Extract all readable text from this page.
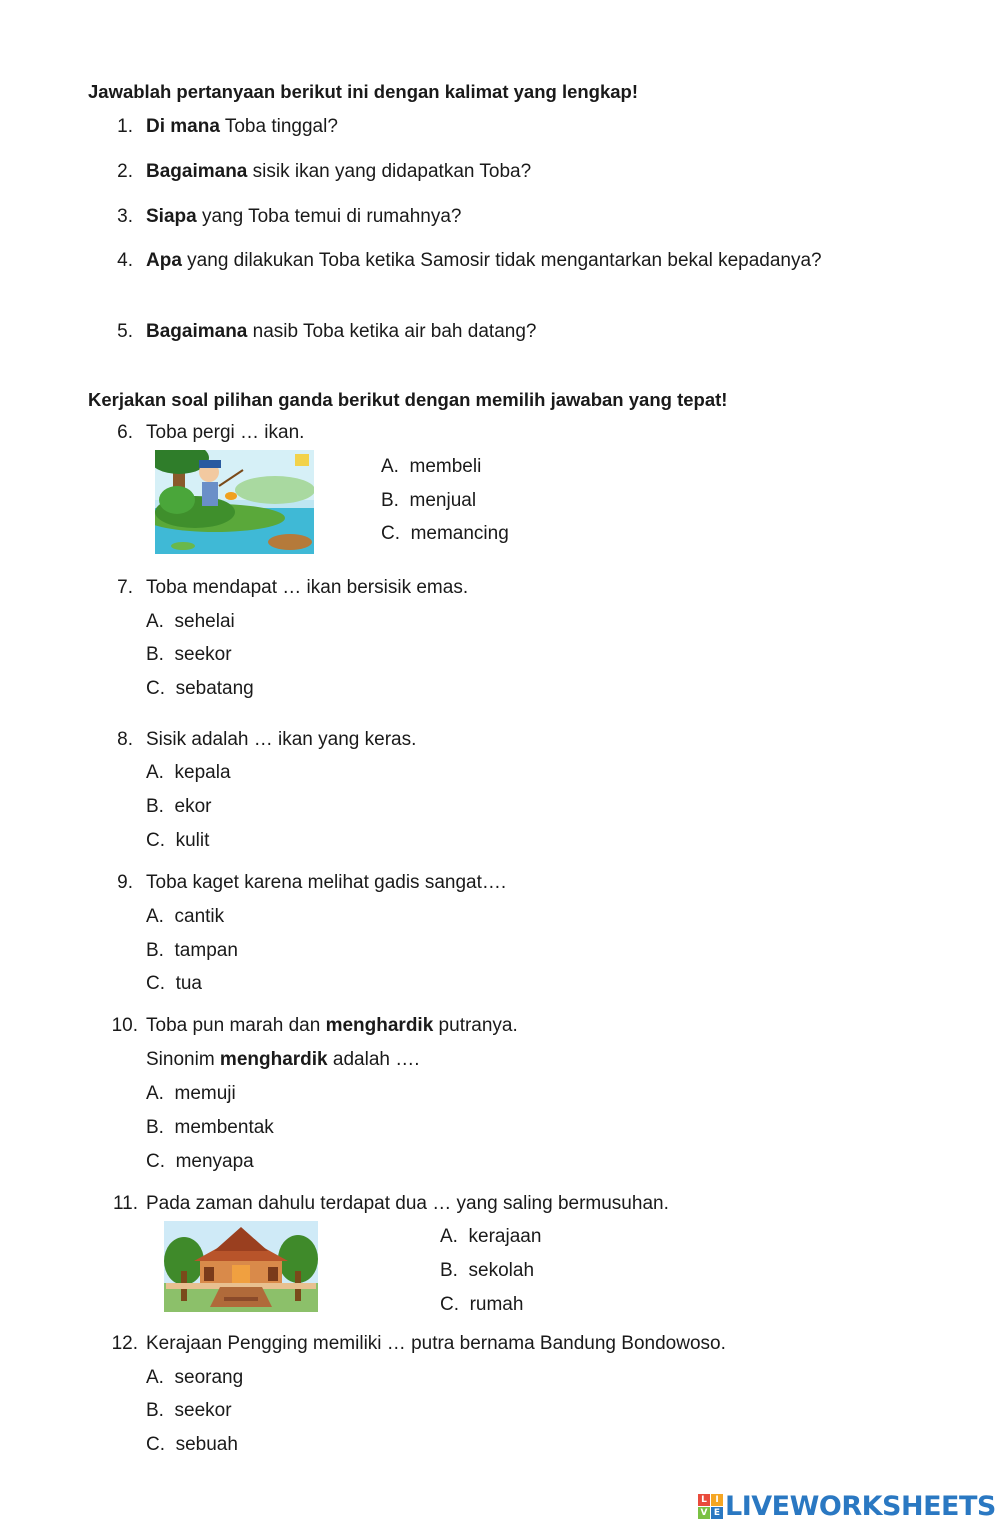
Jawablah pertanyaan berikut ini dengan kalimat yang lengkap!
1. Di mana Toba tinggal?
2. Bagaimana sisik ikan yang didapatkan Toba?
3. Siapa yang Toba temui di rumahnya?
4. Apa yang dilakukan Toba ketika Samosir tidak mengantarkan bekal kepadanya?
5. Bagaimana nasib Toba ketika air bah datang?
Kerjakan soal pilihan ganda berikut dengan memilih jawaban yang tepat!
6. Toba pergi … ikan.
A. membeli
B. menjual
C. memancing
7. Toba mendapat … ikan bersisik emas.
A. sehelai
B. seekor
C. sebatang
8. Sisik adalah … ikan yang keras.
A. kepala
B. ekor
C. kulit
9. Toba kaget karena melihat gadis sangat….
A. cantik
B. tampan
C. tua
10. Toba pun marah dan menghardik putranya.
Sinonim menghardik adalah ….
A. memuji
B. membentak
C. menyapa
11. Pada zaman dahulu terdapat dua … yang saling bermusuhan.
A. kerajaan
B. sekolah
C. rumah
12. Kerajaan Pengging memiliki … putra bernama Bandung Bondowoso.
A. seorang
B. seekor
C. sebuah
L I
V E LIVEWORKSHEETS
